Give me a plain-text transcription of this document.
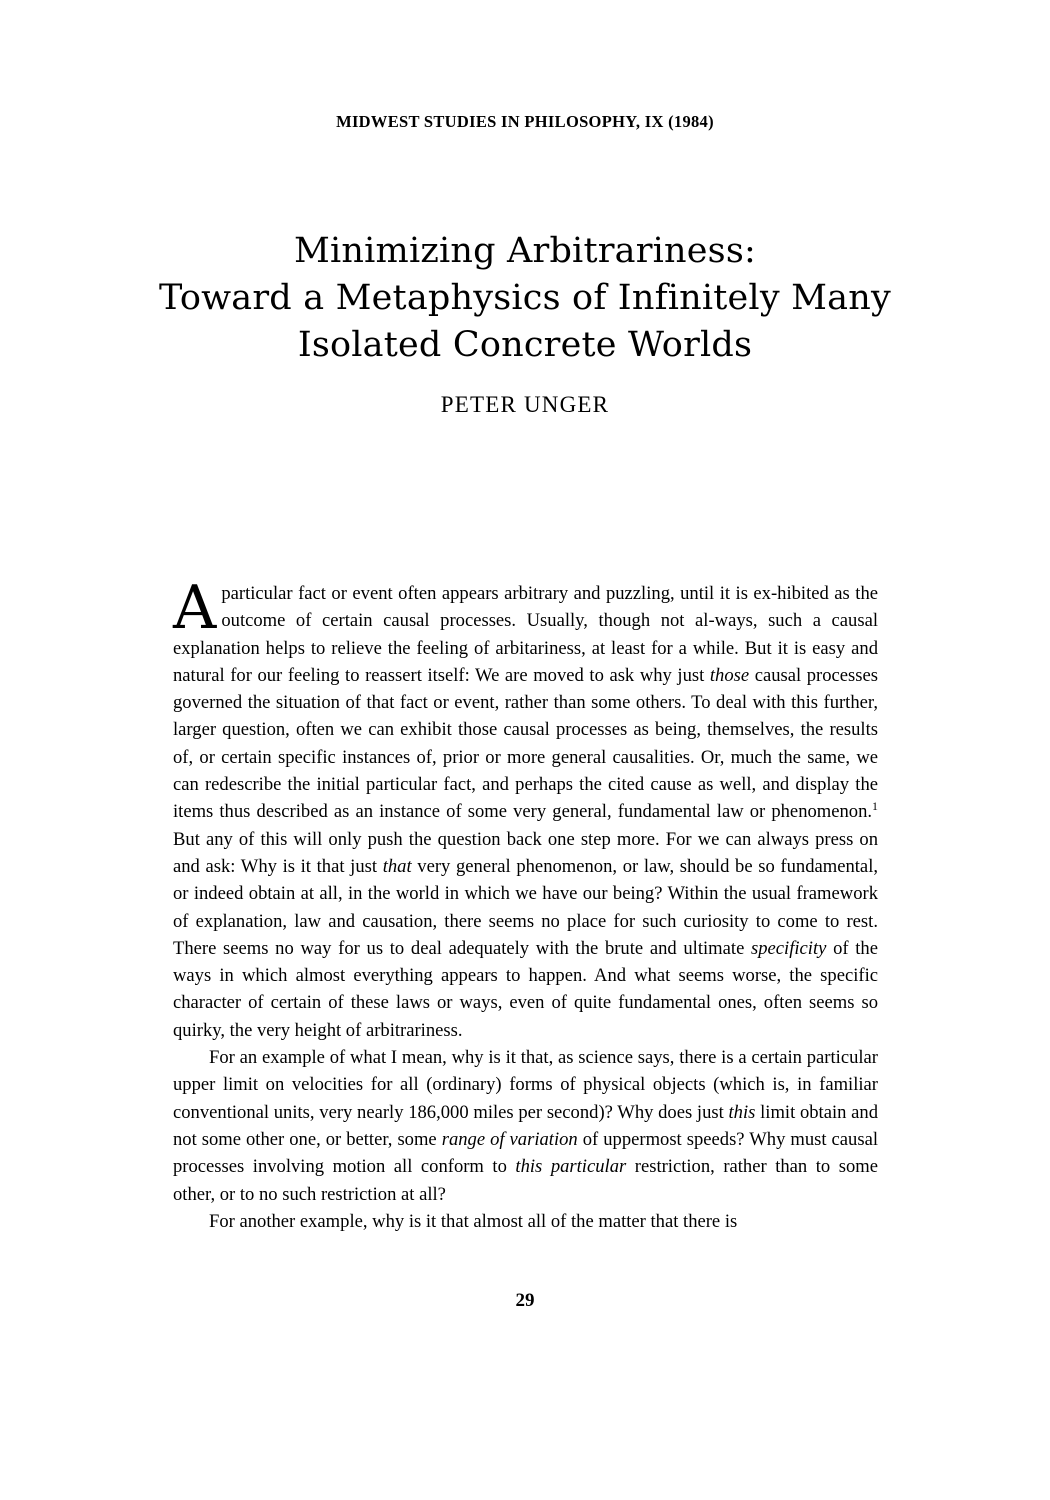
MIDWEST STUDIES IN PHILOSOPHY, IX (1984)
Minimizing Arbitrariness:
Toward a Metaphysics of Infinitely Many
Isolated Concrete Worlds
PETER UNGER

Aparticular fact or event often appears arbitrary and puzzling, until it is ex-hibited as the outcome of certain causal processes. Usually, though not al-ways, such a causal explanation helps to relieve the feeling of arbitariness, at least for a while. But it is easy and natural for our feeling to reassert itself: We are moved to ask why just those causal processes governed the situation of that fact or event, rather than some others. To deal with this further, larger question, often we can exhibit those causal processes as being, themselves, the results of, or certain specific instances of, prior or more general causalities. Or, much the same, we can redescribe the initial particular fact, and perhaps the cited cause as well, and display the items thus described as an instance of some very general, fundamental law or phenomenon.$^1$ But any of this will only push the question back one step more. For we can always press on and ask: Why is it that just that very general phenomenon, or law, should be so fundamental, or indeed obtain at all, in the world in which we have our being? Within the usual framework of explanation, law and causation, there seems no place for such curiosity to come to rest. There seems no way for us to deal adequately with the brute and ultimate specificity of the ways in which almost everything appears to happen. And what seems worse, the specific character of certain of these laws or ways, even of quite fundamental ones, often seems so quirky, the very height of arbitrariness.

For an example of what I mean, why is it that, as science says, there is a certain particular upper limit on velocities for all (ordinary) forms of physical objects (which is, in familiar conventional units, very nearly 186,000 miles per second)? Why does just this limit obtain and not some other one, or better, some range of variation of uppermost speeds? Why must causal processes involving motion all conform to this particular restriction, rather than to some other, or to no such restriction at all?

For another example, why is it that almost all of the matter that there is

29
